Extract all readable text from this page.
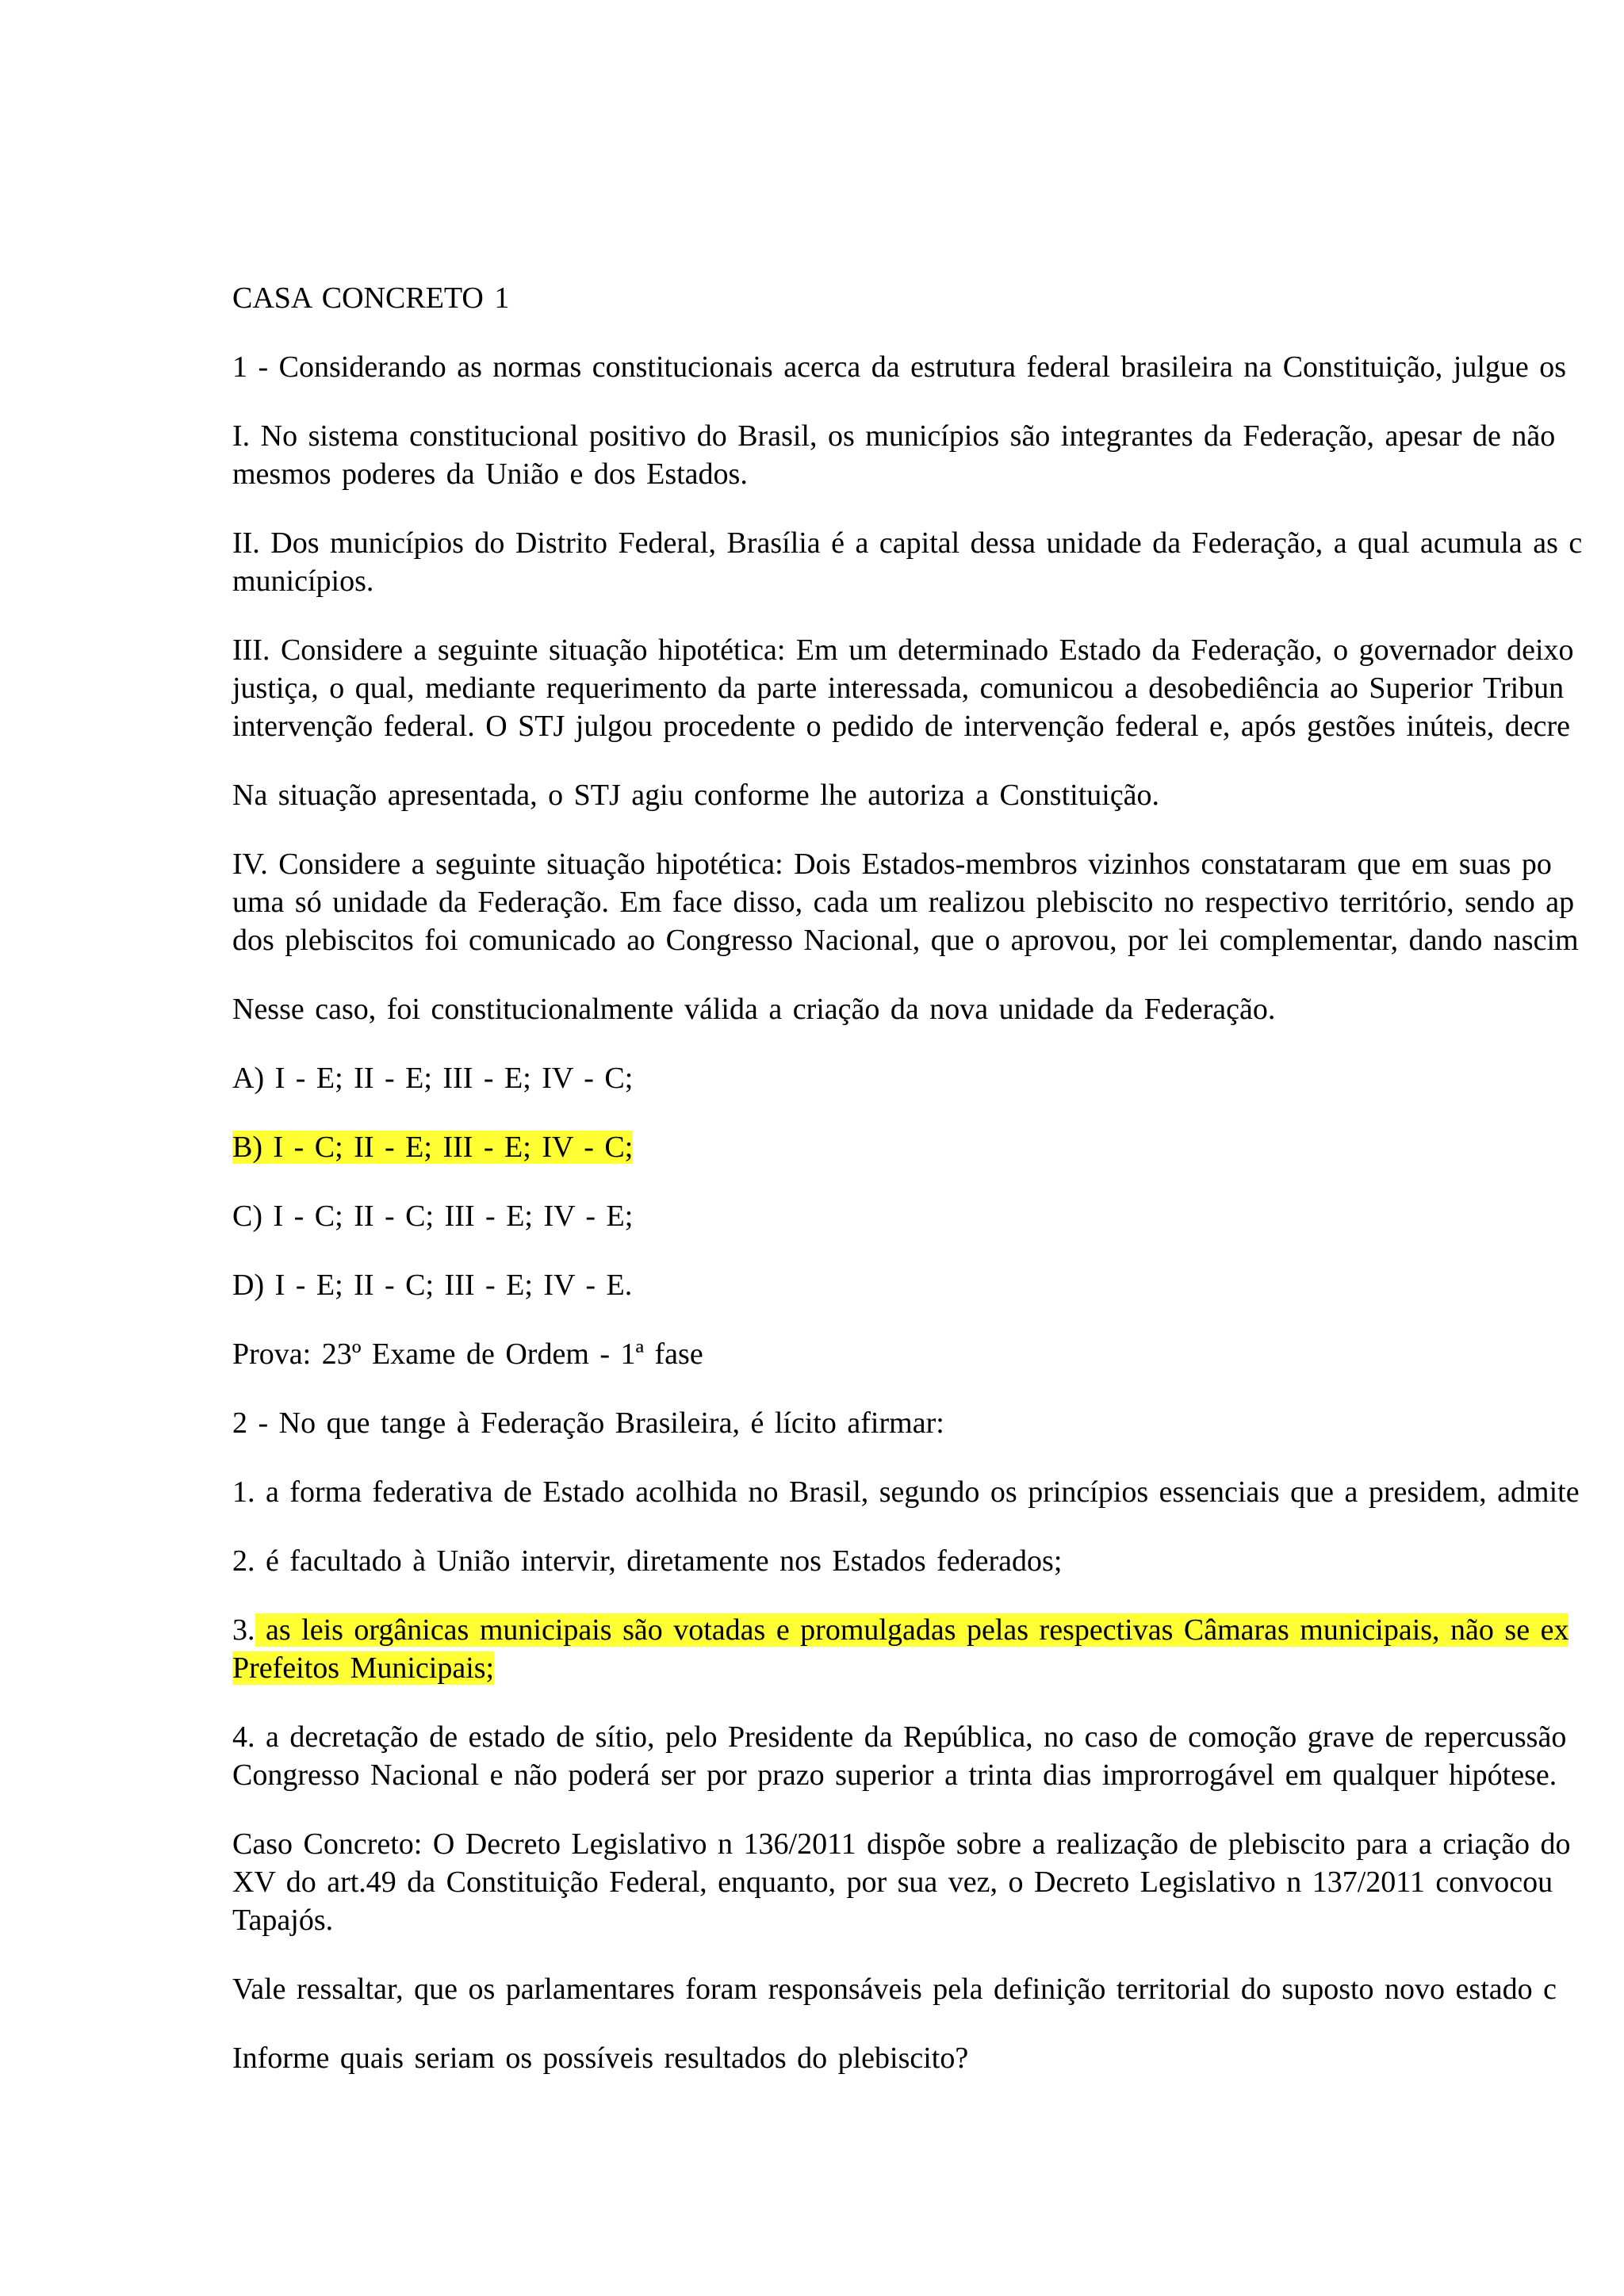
CASA CONCRETO 1
1 - Considerando as normas constitucionais acerca da estrutura federal brasileira na Constituição, julgue os
I. No sistema constitucional positivo do Brasil, os municípios são integrantes da Federação, apesar de não
mesmos poderes da União e dos Estados.
II. Dos municípios do Distrito Federal, Brasília é a capital dessa unidade da Federação, a qual acumula as c
municípios.
III. Considere a seguinte situação hipotética: Em um determinado Estado da Federação, o governador deixo
justiça, o qual, mediante requerimento da parte interessada, comunicou a desobediência ao Superior Tribun
intervenção federal. O STJ julgou procedente o pedido de intervenção federal e, após gestões inúteis, decre
Na situação apresentada, o STJ agiu conforme lhe autoriza a Constituição.
IV. Considere a seguinte situação hipotética: Dois Estados-membros vizinhos constataram que em suas po
uma só unidade da Federação. Em face disso, cada um realizou plebiscito no respectivo território, sendo ap
dos plebiscitos foi comunicado ao Congresso Nacional, que o aprovou, por lei complementar, dando nascim
Nesse caso, foi constitucionalmente válida a criação da nova unidade da Federação.
A) I - E; II - E; III - E; IV - C;
B) I - C; II - E; III - E; IV - C;
C) I - C; II - C; III - E; IV - E;
D) I - E; II - C; III - E; IV - E.
Prova: 23º Exame de Ordem - 1ª fase
2 - No que tange à Federação Brasileira, é lícito afirmar:
1. a forma federativa de Estado acolhida no Brasil, segundo os princípios essenciais que a presidem, admite
2. é facultado à União intervir, diretamente nos Estados federados;
3. as leis orgânicas municipais são votadas e promulgadas pelas respectivas Câmaras municipais, não se ex
Prefeitos Municipais;
4. a decretação de estado de sítio, pelo Presidente da República, no caso de comoção grave de repercussão
Congresso Nacional e não poderá ser por prazo superior a trinta dias improrrogável em qualquer hipótese.
Caso Concreto: O Decreto Legislativo n 136/2011 dispõe sobre a realização de plebiscito para a criação do
XV do art.49 da Constituição Federal, enquanto, por sua vez, o Decreto Legislativo n 137/2011 convocou
Tapajós.
Vale ressaltar, que os parlamentares foram responsáveis pela definição territorial do suposto novo estado c
Informe quais seriam os possíveis resultados do plebiscito?
